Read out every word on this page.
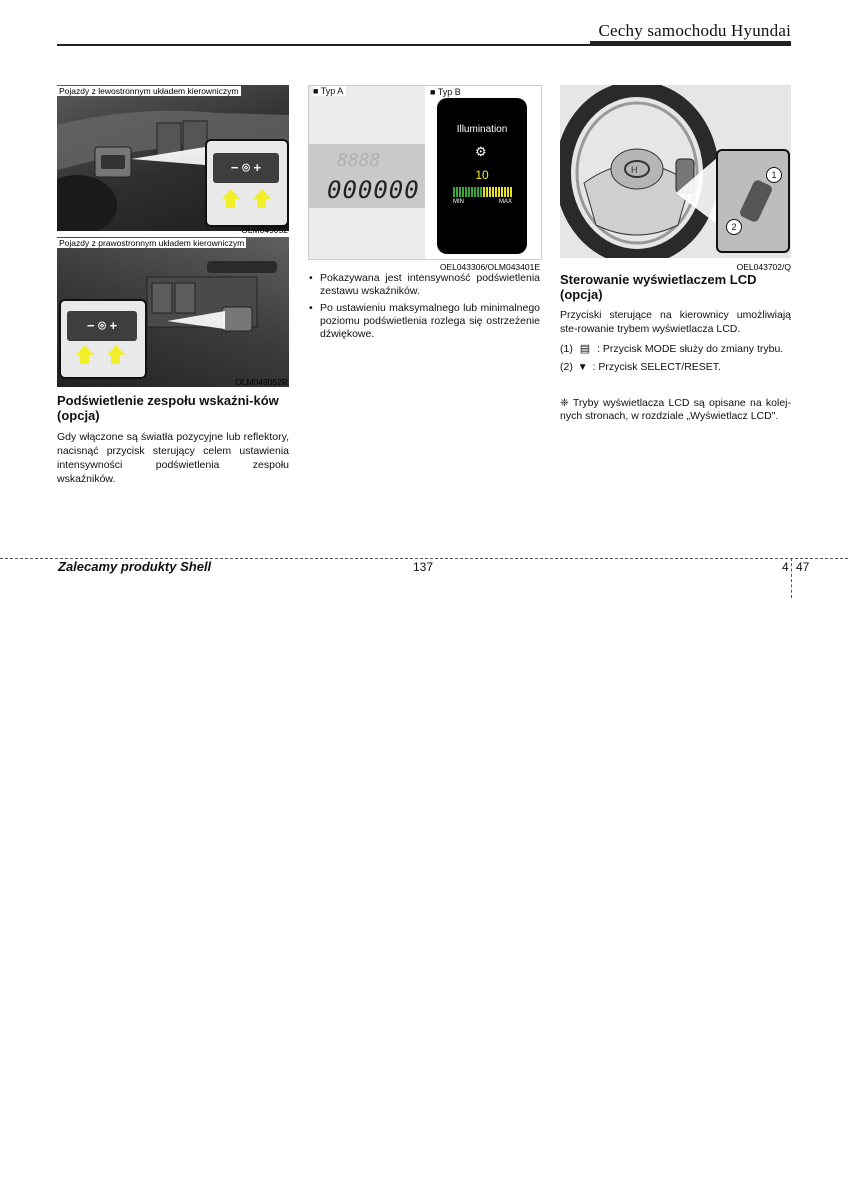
Cechy samochodu Hyundai
− ⌾ +
Pojazdy z lewostronnym układem kierowniczym
OLM049052
− ⌾ +
Pojazdy z prawostronnym układem kierowniczym
OLM049052R
Podświetlenie zespołu wskaźni-ków (opcja)
Gdy włączone są światła pozycyjne lub reflektory, nacisnąć przycisk sterujący celem ustawienia intensywności podświetlenia zespołu wskaźników.
8888
000000
Illumination
⚙
10
MIN	MAX
■ Typ A	■ Typ B
OEL043306/OLM043401E
• Pokazywana jest intensywność podświetlenia zestawu wskaźników.
• Po ustawieniu maksymalnego lub minimalnego poziomu podświetlenia rozlega się ostrzeżenie dźwiękowe.
H	1
2
OEL043702/Q
Sterowanie wyświetlaczem LCD (opcja)
Przyciski sterujące na kierownicy umożliwiają ste-rowanie trybem wyświetlacza LCD.
(1) ▤ : Przycisk MODE służy do zmiany trybu.
(2) ▼ : Przycisk SELECT/RESET.
❈ Tryby wyświetlacza LCD są opisane na kolej-nych stronach, w rozdziale „Wyświetlacz LCD".
Zalecamy produkty Shell	137	4 47
